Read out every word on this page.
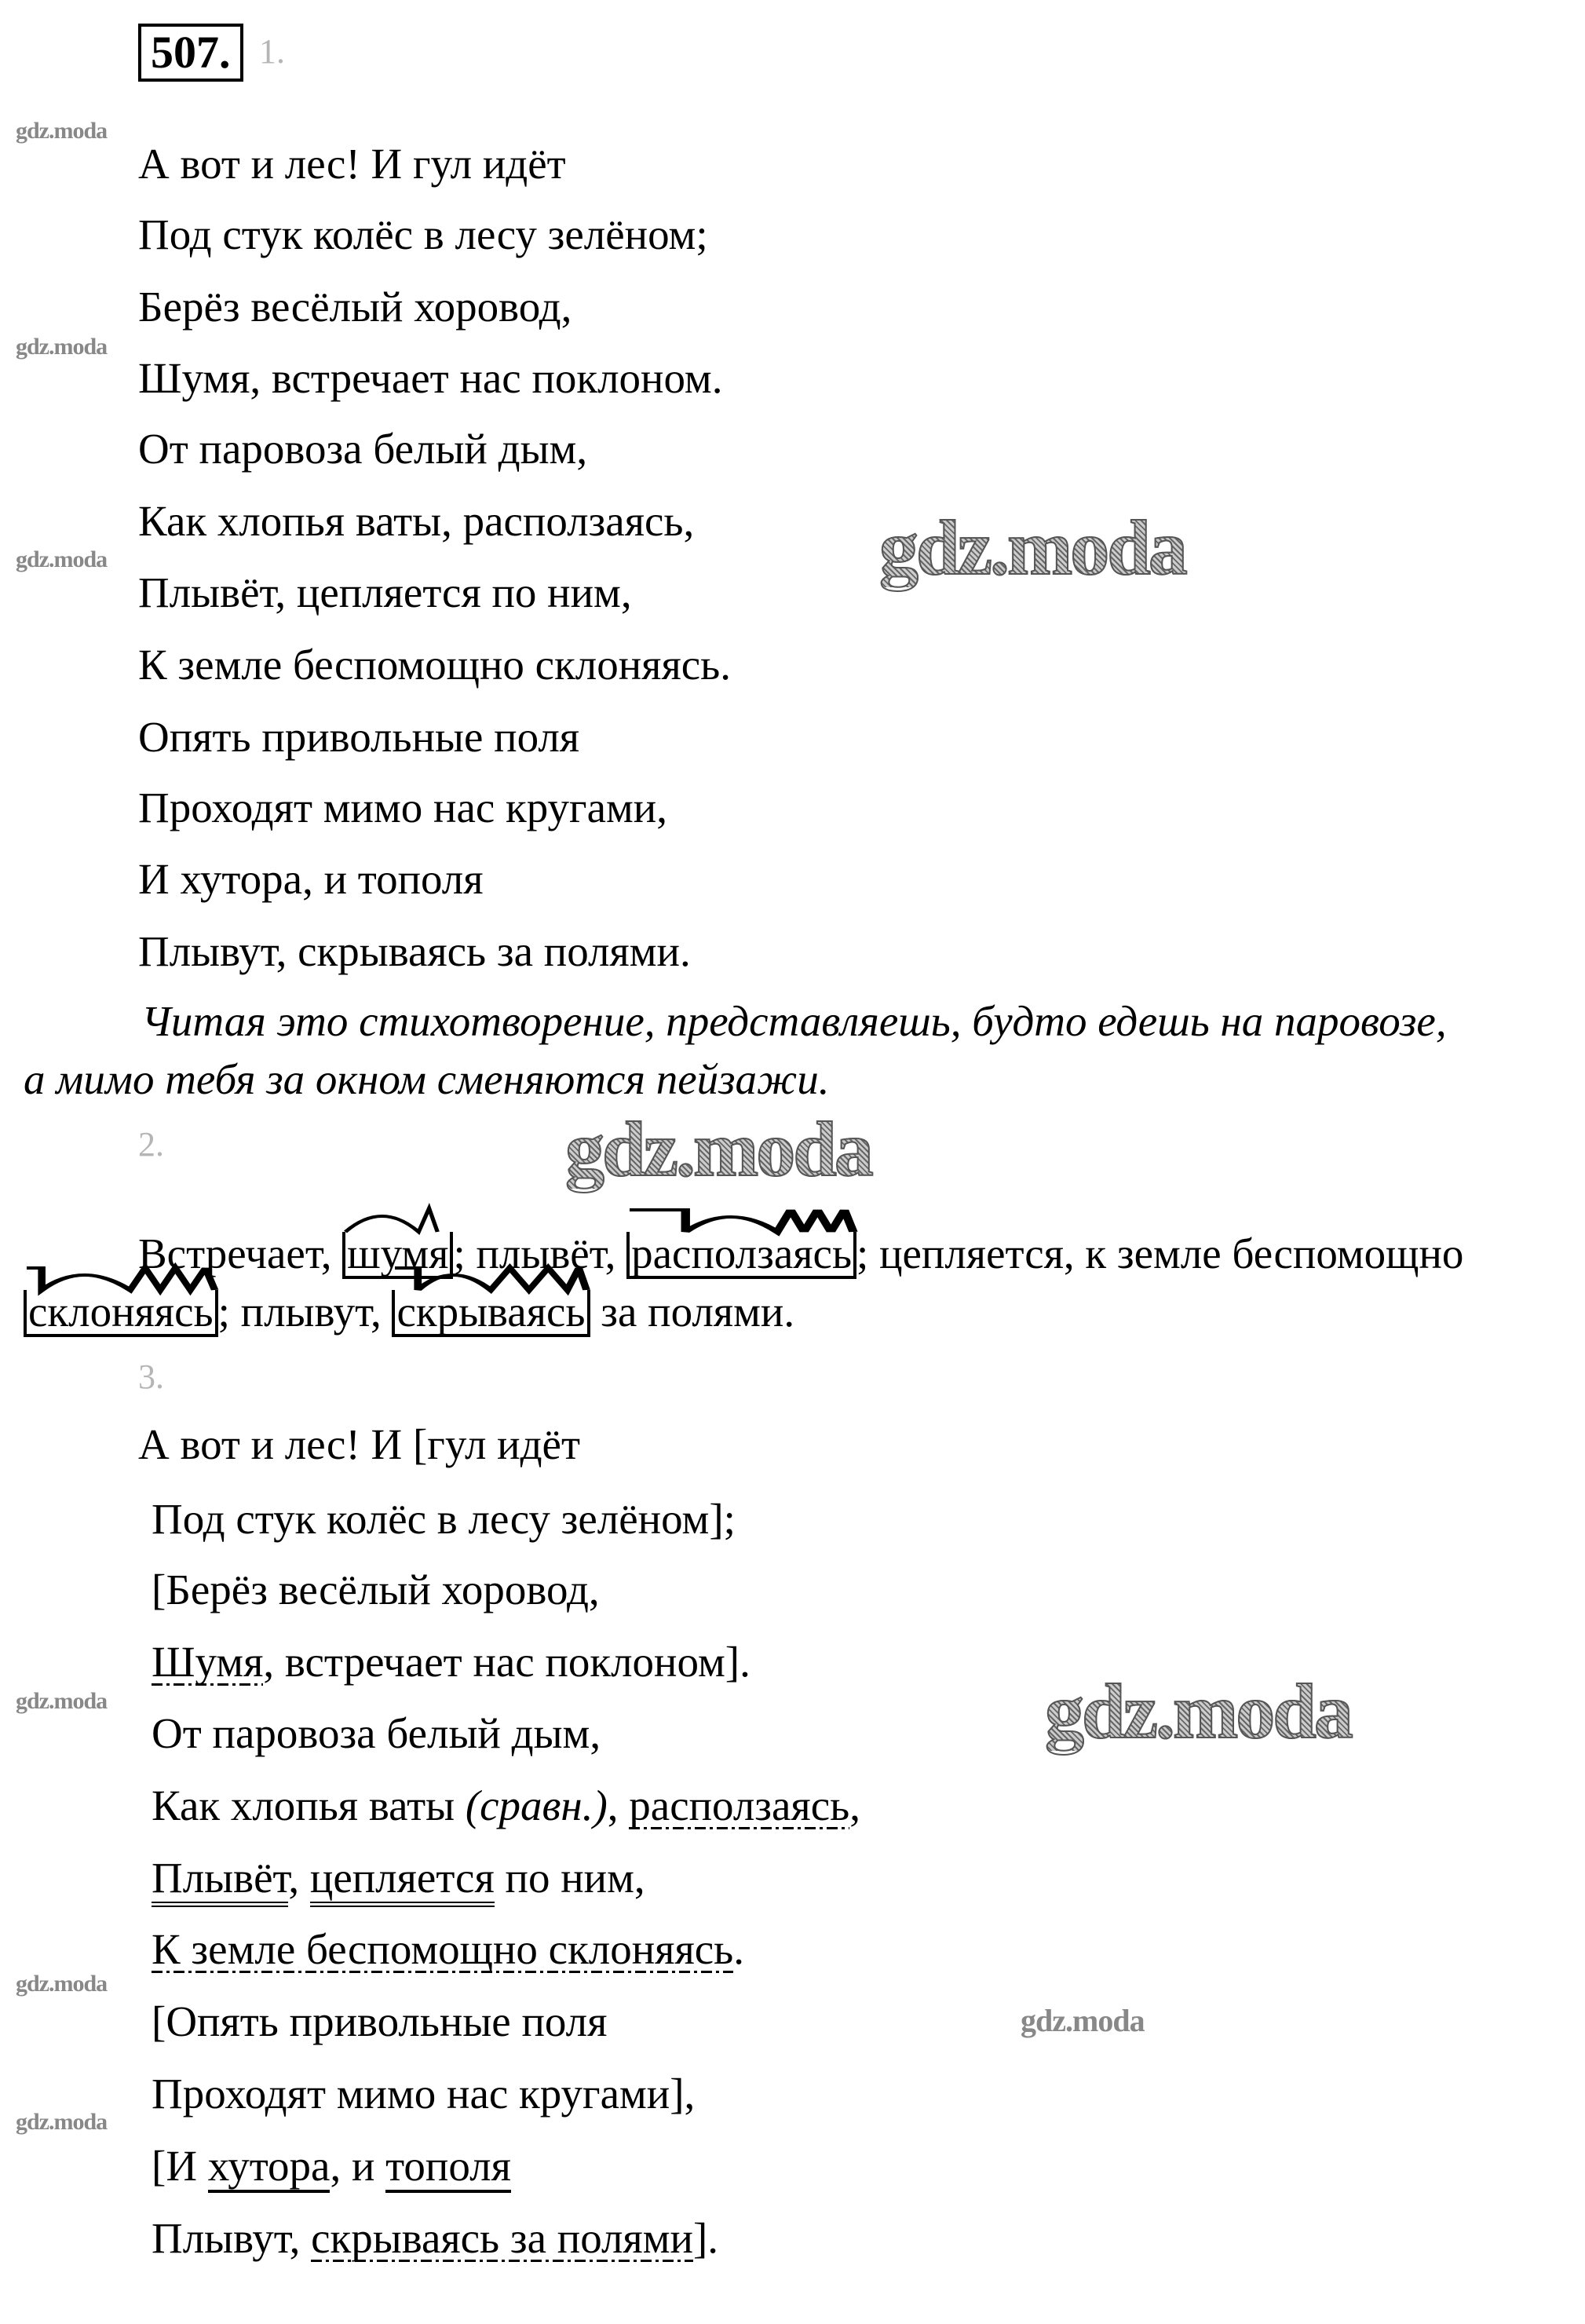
507. 1.
А вот и лес! И гул идёт
Под стук колёс в лесу зелёном;
Берёз весёлый хоровод,
Шумя, встречает нас поклоном.
От паровоза белый дым,
Как хлопья ваты, расползаясь,
Плывёт, цепляется по ним,
К земле беспомощно склоняясь.
Опять привольные поля
Проходят мимо нас кругами,
И хутора, и тополя
Плывут, скрываясь за полями.
Читая это стихотворение, представляешь, будто едешь на паровозе,
а мимо тебя за окном сменяются пейзажи.
2.
Встречает,
шумя ; плывёт,
расползаясь ; цепляется, к земле беспомощно
склоняясь ; плывут,
скрываясь за полями.
3.
А вот и лес! И [гул идёт
Под стук колёс в лесу зелёном];
[Берёз весёлый хоровод,
Шумя, встречает нас поклоном].
От паровоза белый дым,
Как хлопья ваты (сравн.), расползаясь,
Плывёт, цепляется по ним,
К земле беспомощно склоняясь.
[Опять привольные поля
Проходят мимо нас кругами],
[И хутора, и тополя
Плывут, скрываясь за полями].
gdz.moda
gdz.moda
gdz.moda
gdz.moda
gdz.moda
gdz.moda
gdz.moda
gdz.moda
gdz.moda
gdz.moda
